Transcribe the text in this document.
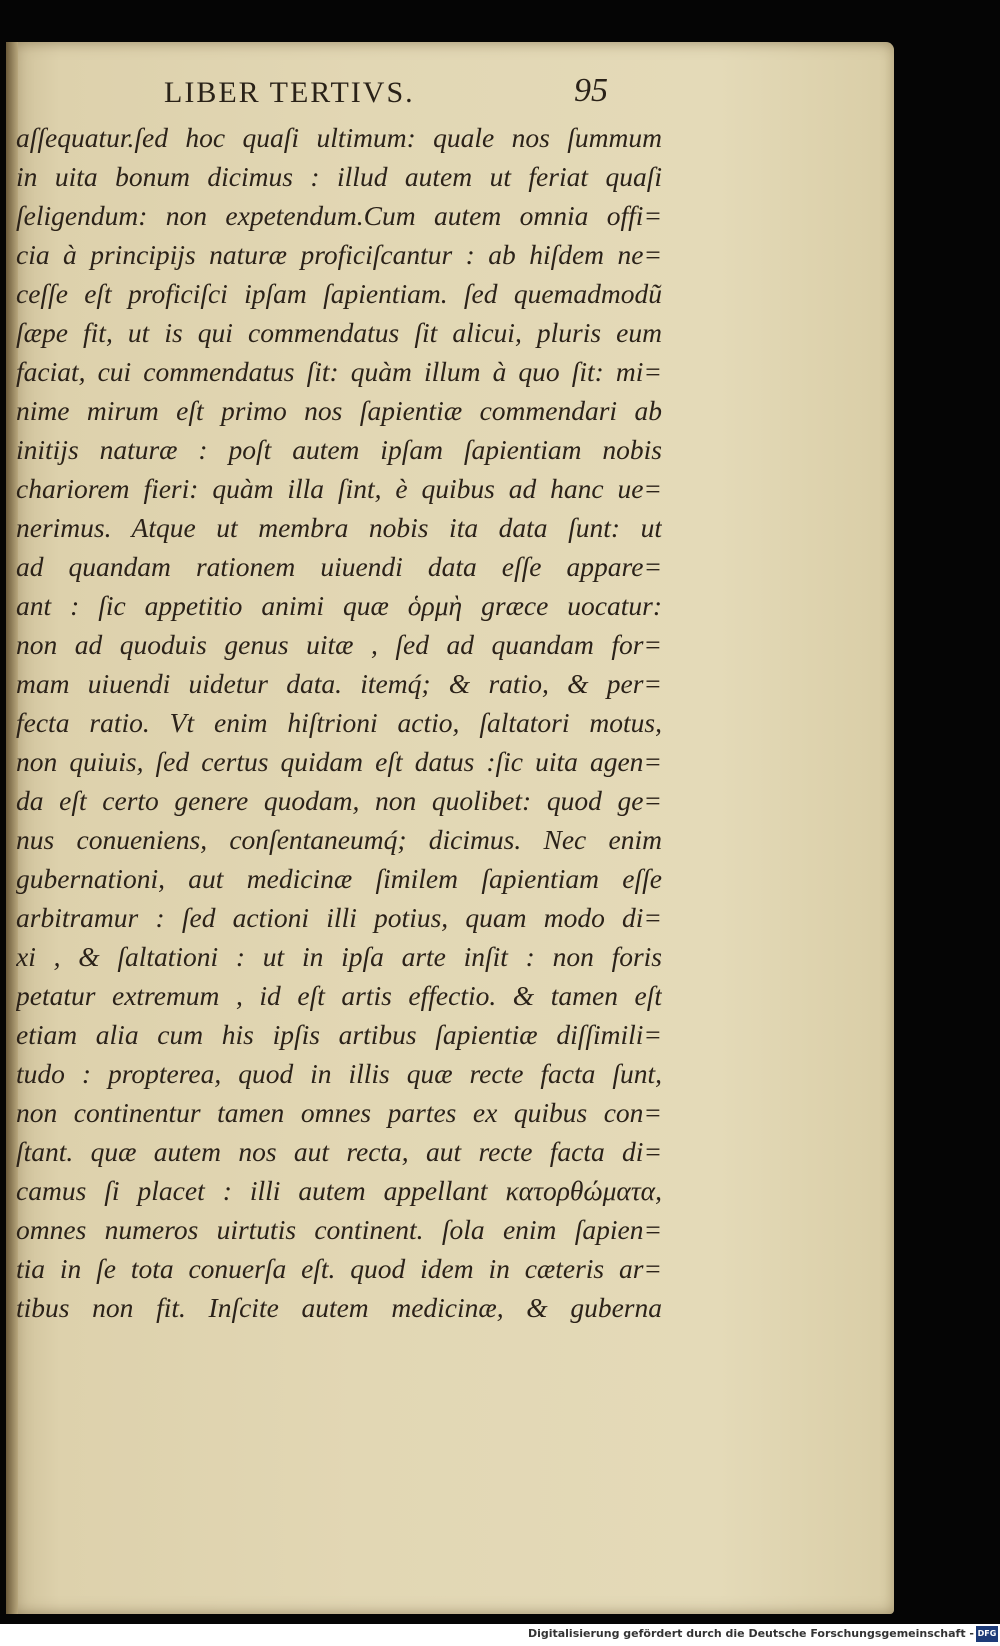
LIBER TERTIVS.	95
aſſequatur.ſed hoc quaſi ultimum: quale nos ſummum
in uita bonum dicimus : illud autem ut feriat quaſi
ſeligendum: non expetendum.Cum autem omnia offi=
cia à principijs naturæ proficiſcantur : ab hiſdem ne=
ceſſe eſt proficiſci ipſam ſapientiam. ſed quemadmodũ
ſæpe fit, ut is qui commendatus ſit alicui, pluris eum
faciat, cui commendatus ſit: quàm illum à quo ſit: mi=
nime mirum eſt primo nos ſapientiæ commendari ab
initijs naturæ : poſt autem ipſam ſapientiam nobis
chariorem fieri: quàm illa ſint, è quibus ad hanc ue=
nerimus. Atque ut membra nobis ita data ſunt: ut
ad quandam rationem uiuendi data eſſe appare=
ant : ſic appetitio animi quæ ὁρμὴ græce uocatur:
non ad quoduis genus uitæ , ſed ad quandam for=
mam uiuendi uidetur data. itemq́; & ratio, & per=
fecta ratio. Vt enim hiſtrioni actio, ſaltatori motus,
non quiuis, ſed certus quidam eſt datus :ſic uita agen=
da eſt certo genere quodam, non quolibet: quod ge=
nus conueniens, conſentaneumq́; dicimus. Nec enim
gubernationi, aut medicinæ ſimilem ſapientiam eſſe
arbitramur : ſed actioni illi potius, quam modo di=
xi , & ſaltationi : ut in ipſa arte inſit : non foris
petatur extremum , id eſt artis effectio. & tamen eſt
etiam alia cum his ipſis artibus ſapientiæ diſſimili=
tudo : propterea, quod in illis quæ recte facta ſunt,
non continentur tamen omnes partes ex quibus con=
ſtant. quæ autem nos aut recta, aut recte facta di=
camus ſi placet : illi autem appellant κατορθώματα,
omnes numeros uirtutis continent. ſola enim ſapien=
tia in ſe tota conuerſa eſt. quod idem in cæteris ar=
tibus non fit. Inſcite autem medicinæ, & guberna
Digitalisierung gefördert durch die Deutsche Forschungsgemeinschaft - DFG
